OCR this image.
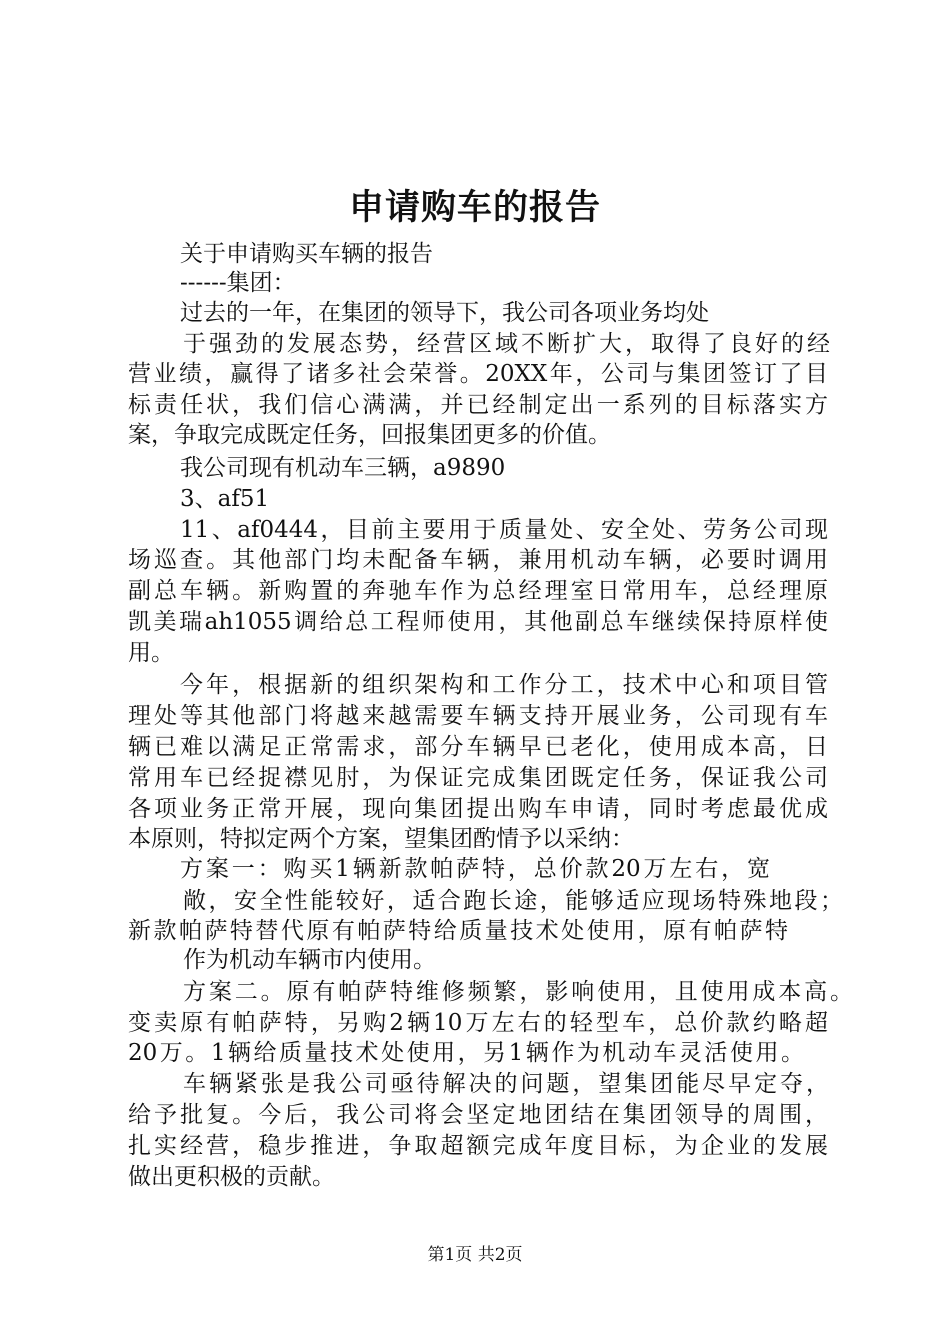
申请购车的报告
关于申请购买车辆的报告
------集团：
过去的一年，在集团的领导下，我公司各项业务均处
于强劲的发展态势，经营区域不断扩大，取得了良好的经
营业绩，赢得了诸多社会荣誉。20XX年，公司与集团签订了目
标责任状，我们信心满满，并已经制定出一系列的目标落实方
案，争取完成既定任务，回报集团更多的价值。
我公司现有机动车三辆，a9890
3、af51
11、af0444，目前主要用于质量处、安全处、劳务公司现
场巡查。其他部门均未配备车辆，兼用机动车辆，必要时调用
副总车辆。新购置的奔驰车作为总经理室日常用车，总经理原
凯美瑞ah1055调给总工程师使用，其他副总车继续保持原样使
用。
今年，根据新的组织架构和工作分工，技术中心和项目管
理处等其他部门将越来越需要车辆支持开展业务，公司现有车
辆已难以满足正常需求，部分车辆早已老化，使用成本高，日
常用车已经捉襟见肘，为保证完成集团既定任务，保证我公司
各项业务正常开展，现向集团提出购车申请，同时考虑最优成
本原则，特拟定两个方案，望集团酌情予以采纳：
方案一：购买1辆新款帕萨特，总价款20万左右，宽
敞，安全性能较好，适合跑长途，能够适应现场特殊地段；
新款帕萨特替代原有帕萨特给质量技术处使用，原有帕萨特
作为机动车辆市内使用。
方案二。原有帕萨特维修频繁，影响使用，且使用成本高。
变卖原有帕萨特，另购2辆10万左右的轻型车，总价款约略超
20万。1辆给质量技术处使用，另1辆作为机动车灵活使用。
车辆紧张是我公司亟待解决的问题，望集团能尽早定夺，
给予批复。今后，我公司将会坚定地团结在集团领导的周围，
扎实经营，稳步推进，争取超额完成年度目标，为企业的发展
做出更积极的贡献。
第1页 共2页
